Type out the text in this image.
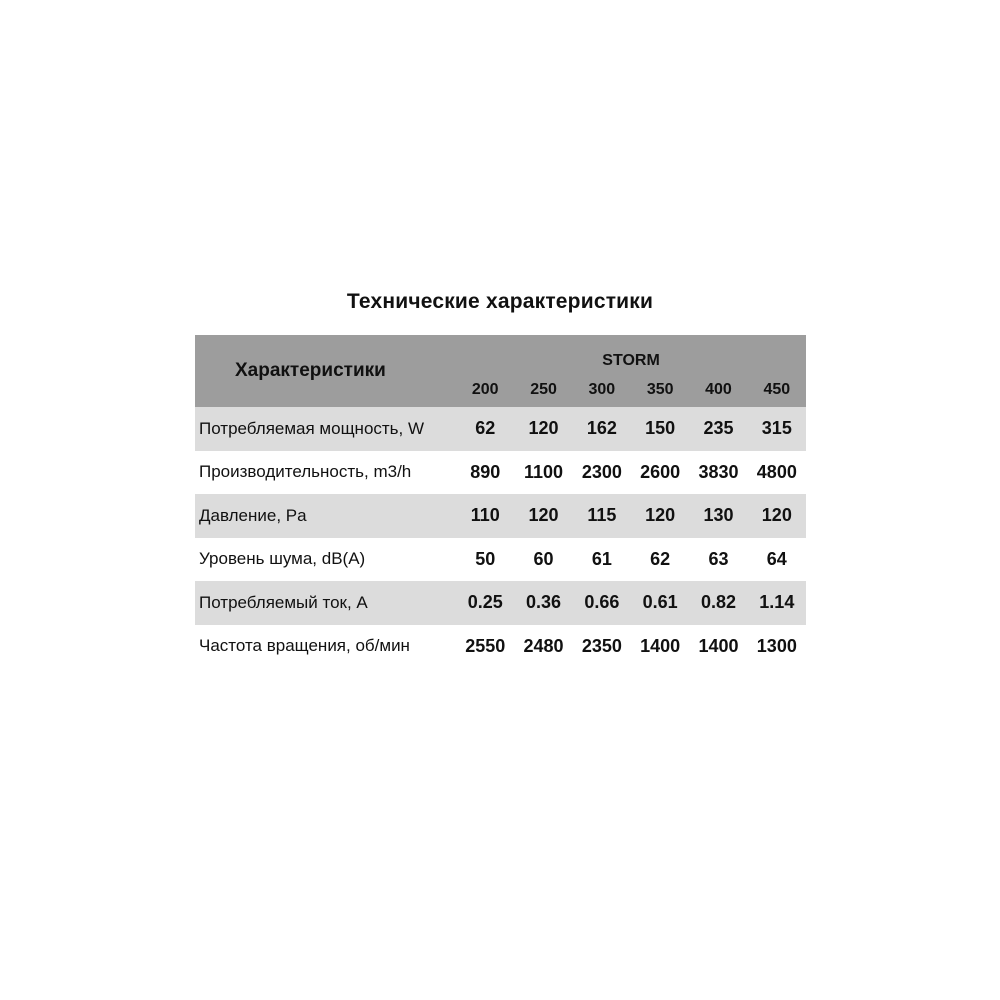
Технические характеристики
Характеристики	STORM					
	200	250	300	350	400	450
Потребляемая мощность, W	62	120	162	150	235	315
Производительность, m3/h	890	1100	2300	2600	3830	4800
Давление, Pa	110	120	115	120	130	120
Уровень шума, dB(A)	50	60	61	62	63	64
Потребляемый ток, А	0.25	0.36	0.66	0.61	0.82	1.14
Частота вращения, об/мин	2550	2480	2350	1400	1400	1300
